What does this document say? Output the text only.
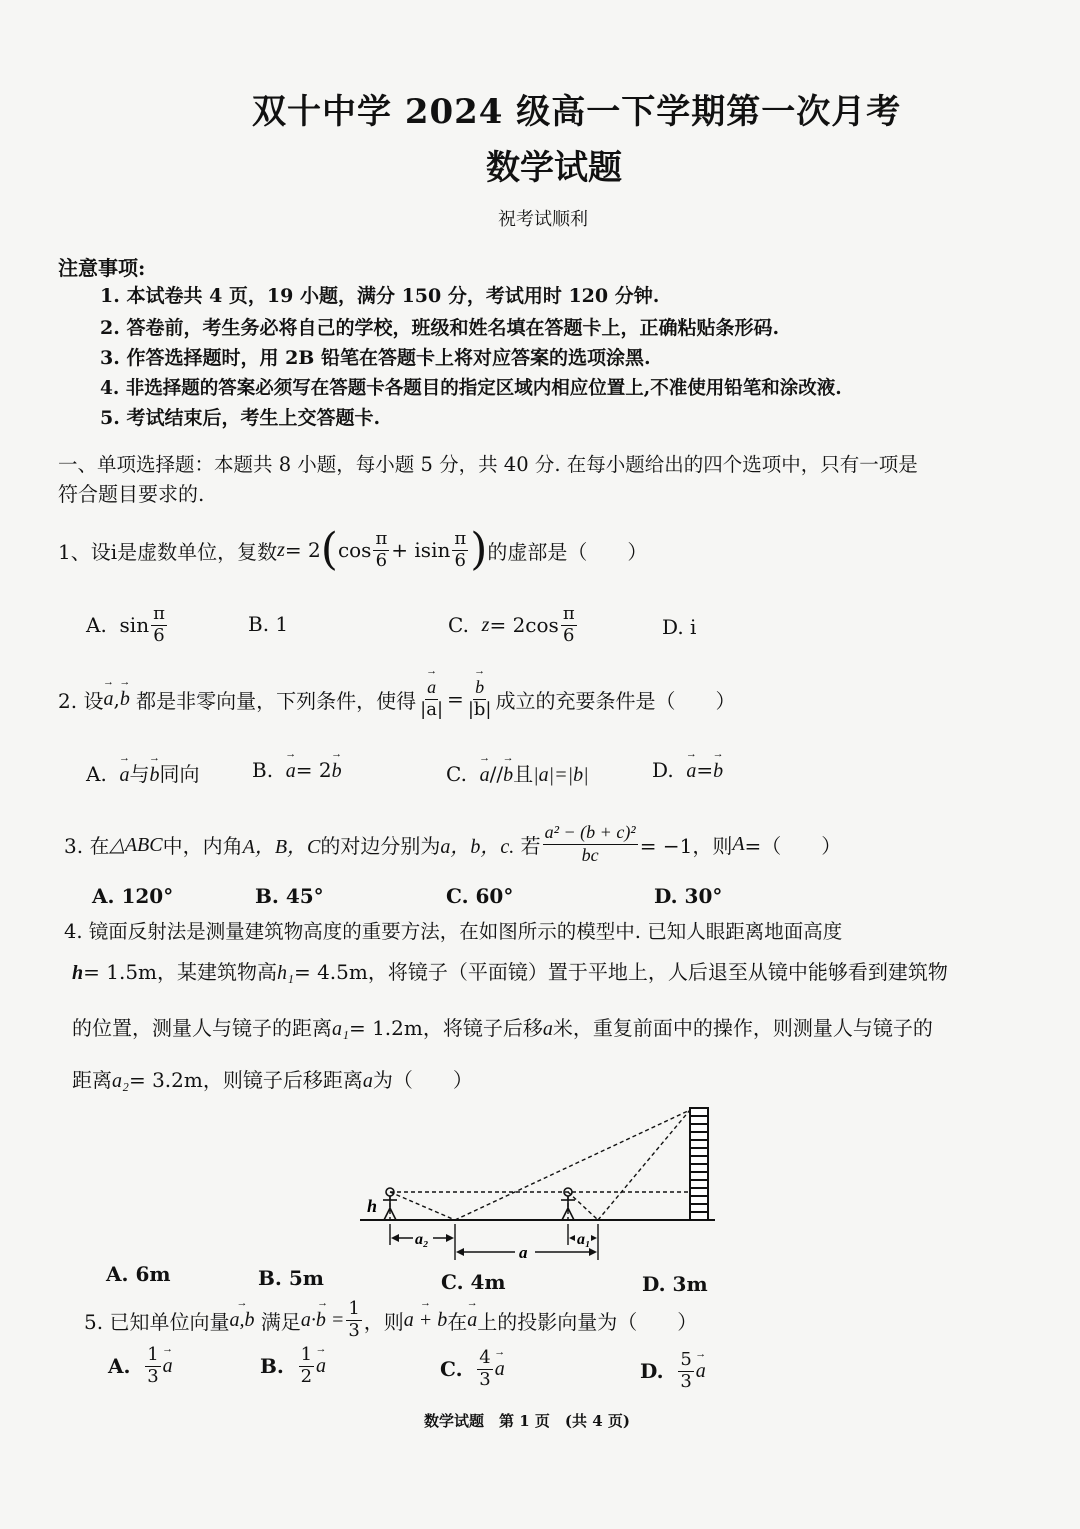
双十中学 2024 级高一下学期第一次月考
数学试题
祝考试顺利
注意事项:
1. 本试卷共 4 页，19 小题，满分 150 分，考试用时 120 分钟.
2. 答卷前，考生务必将自己的学校，班级和姓名填在答题卡上，正确粘贴条形码.
3. 作答选择题时，用 2B 铅笔在答题卡上将对应答案的选项涂黑.
4. 非选择题的答案必须写在答题卡各题目的指定区域内相应位置上,不准使用铅笔和涂改液.
5. 考试结束后，考生上交答题卡.
一、单项选择题：本题共 8 小题，每小题 5 分，共 40 分. 在每小题给出的四个选项中，只有一项是
符合题目要求的.
1、设i是虚数单位，复数 z = 2 ( $\cos \frac{\pi}{6} + isin \frac{\pi}{6}$ ) 的虚部是（　　）
A.
$\sin \frac{\pi}{6}$	B. 1	C.
$z = 2\cos \frac{\pi}{6}$	D. i
2. 设
→ a ,
→ b
都是非零向量，下列条件，使得
→ $\frac{a}{|a|}$ =
→ $\frac{b}{|b|}$ 成立的充要条件是（　　）
A.  → a与→ b同向	B.  → a= 2→ b	C.  → a//→ b且|a|=|b|	D.  → a=→ b
3. 在 △ABC 中，内角 A，B，C 的对边分别为 a，b，c.
若 $\frac{\text{a² − (b + c)²}}{bc} = -1$，则 A =（　　）
A. 120°	B. 45°	C. 60°	D. 30°
4. 镜面反射法是测量建筑物高度的重要方法，在如图所示的模型中. 已知人眼距离地面高度
h= 1.5m，某建筑物高h₁= 4.5m，将镜子（平面镜）置于平地上，人后退至从镜中能够看到建筑物
的位置，测量人与镜子的距离a₁= 1.2m，将镜子后移a米，重复前面中的操作，则测量人与镜子的
距离a₂= 3.2m，则镜子后移距离a为（　　）
h
a₂
a
a₁
A. 6m	B. 5m	C. 4m	D. 3m
5. 已知单位向量
→ a,b
满足
→ $a\cdot b = \frac{1}{3}$ ，则
→ a + b 在
→ a 上的投影向量为（　　）
A.
$\frac{1}{3}$
→ a	B.
$\frac{1}{2}$
→ a	C.
$\frac{4}{3}$
→ a	D.
$\frac{5}{3}$
→ a
数学试题　第 1 页　(共 4 页)
